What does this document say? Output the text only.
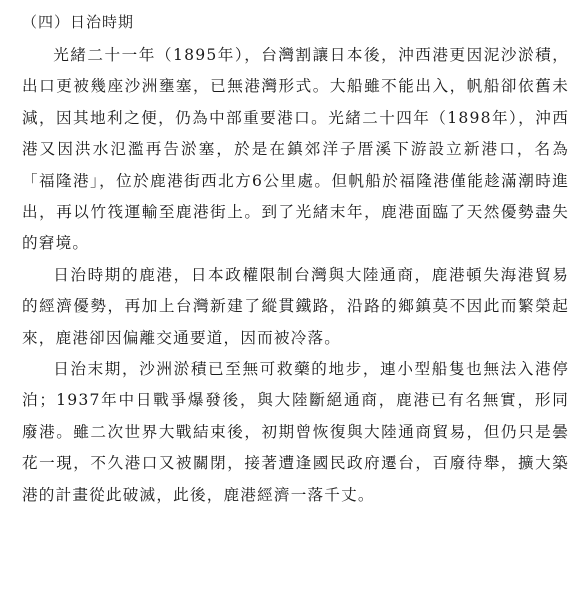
（四）日治時期

光緒二十一年（1895年），台灣割讓日本後，沖西港更因泥沙淤積，出口更被幾座沙洲壅塞，已無港灣形式。大船雖不能出入，帆船卻依舊未減，因其地利之便，仍為中部重要港口。光緒二十四年（1898年），沖西港又因洪水氾濫再告淤塞，於是在鎮郊洋子厝溪下游設立新港口，名為「福隆港」，位於鹿港街西北方6公里處。但帆船於福隆港僅能趁滿潮時進出，再以竹筏運輸至鹿港街上。到了光緒末年，鹿港面臨了天然優勢盡失的窘境。

日治時期的鹿港，日本政權限制台灣與大陸通商，鹿港頓失海港貿易的經濟優勢，再加上台灣新建了縱貫鐵路，沿路的鄉鎮莫不因此而繁榮起來，鹿港卻因偏離交通要道，因而被冷落。

日治末期，沙洲淤積已至無可救藥的地步，連小型船隻也無法入港停泊；1937年中日戰爭爆發後，與大陸斷絕通商，鹿港已有名無實，形同廢港。雖二次世界大戰結束後，初期曾恢復與大陸通商貿易，但仍只是曇花一現，不久港口又被關閉，接著遭逢國民政府遷台，百廢待舉，擴大築港的計畫從此破滅，此後，鹿港經濟一落千丈。
